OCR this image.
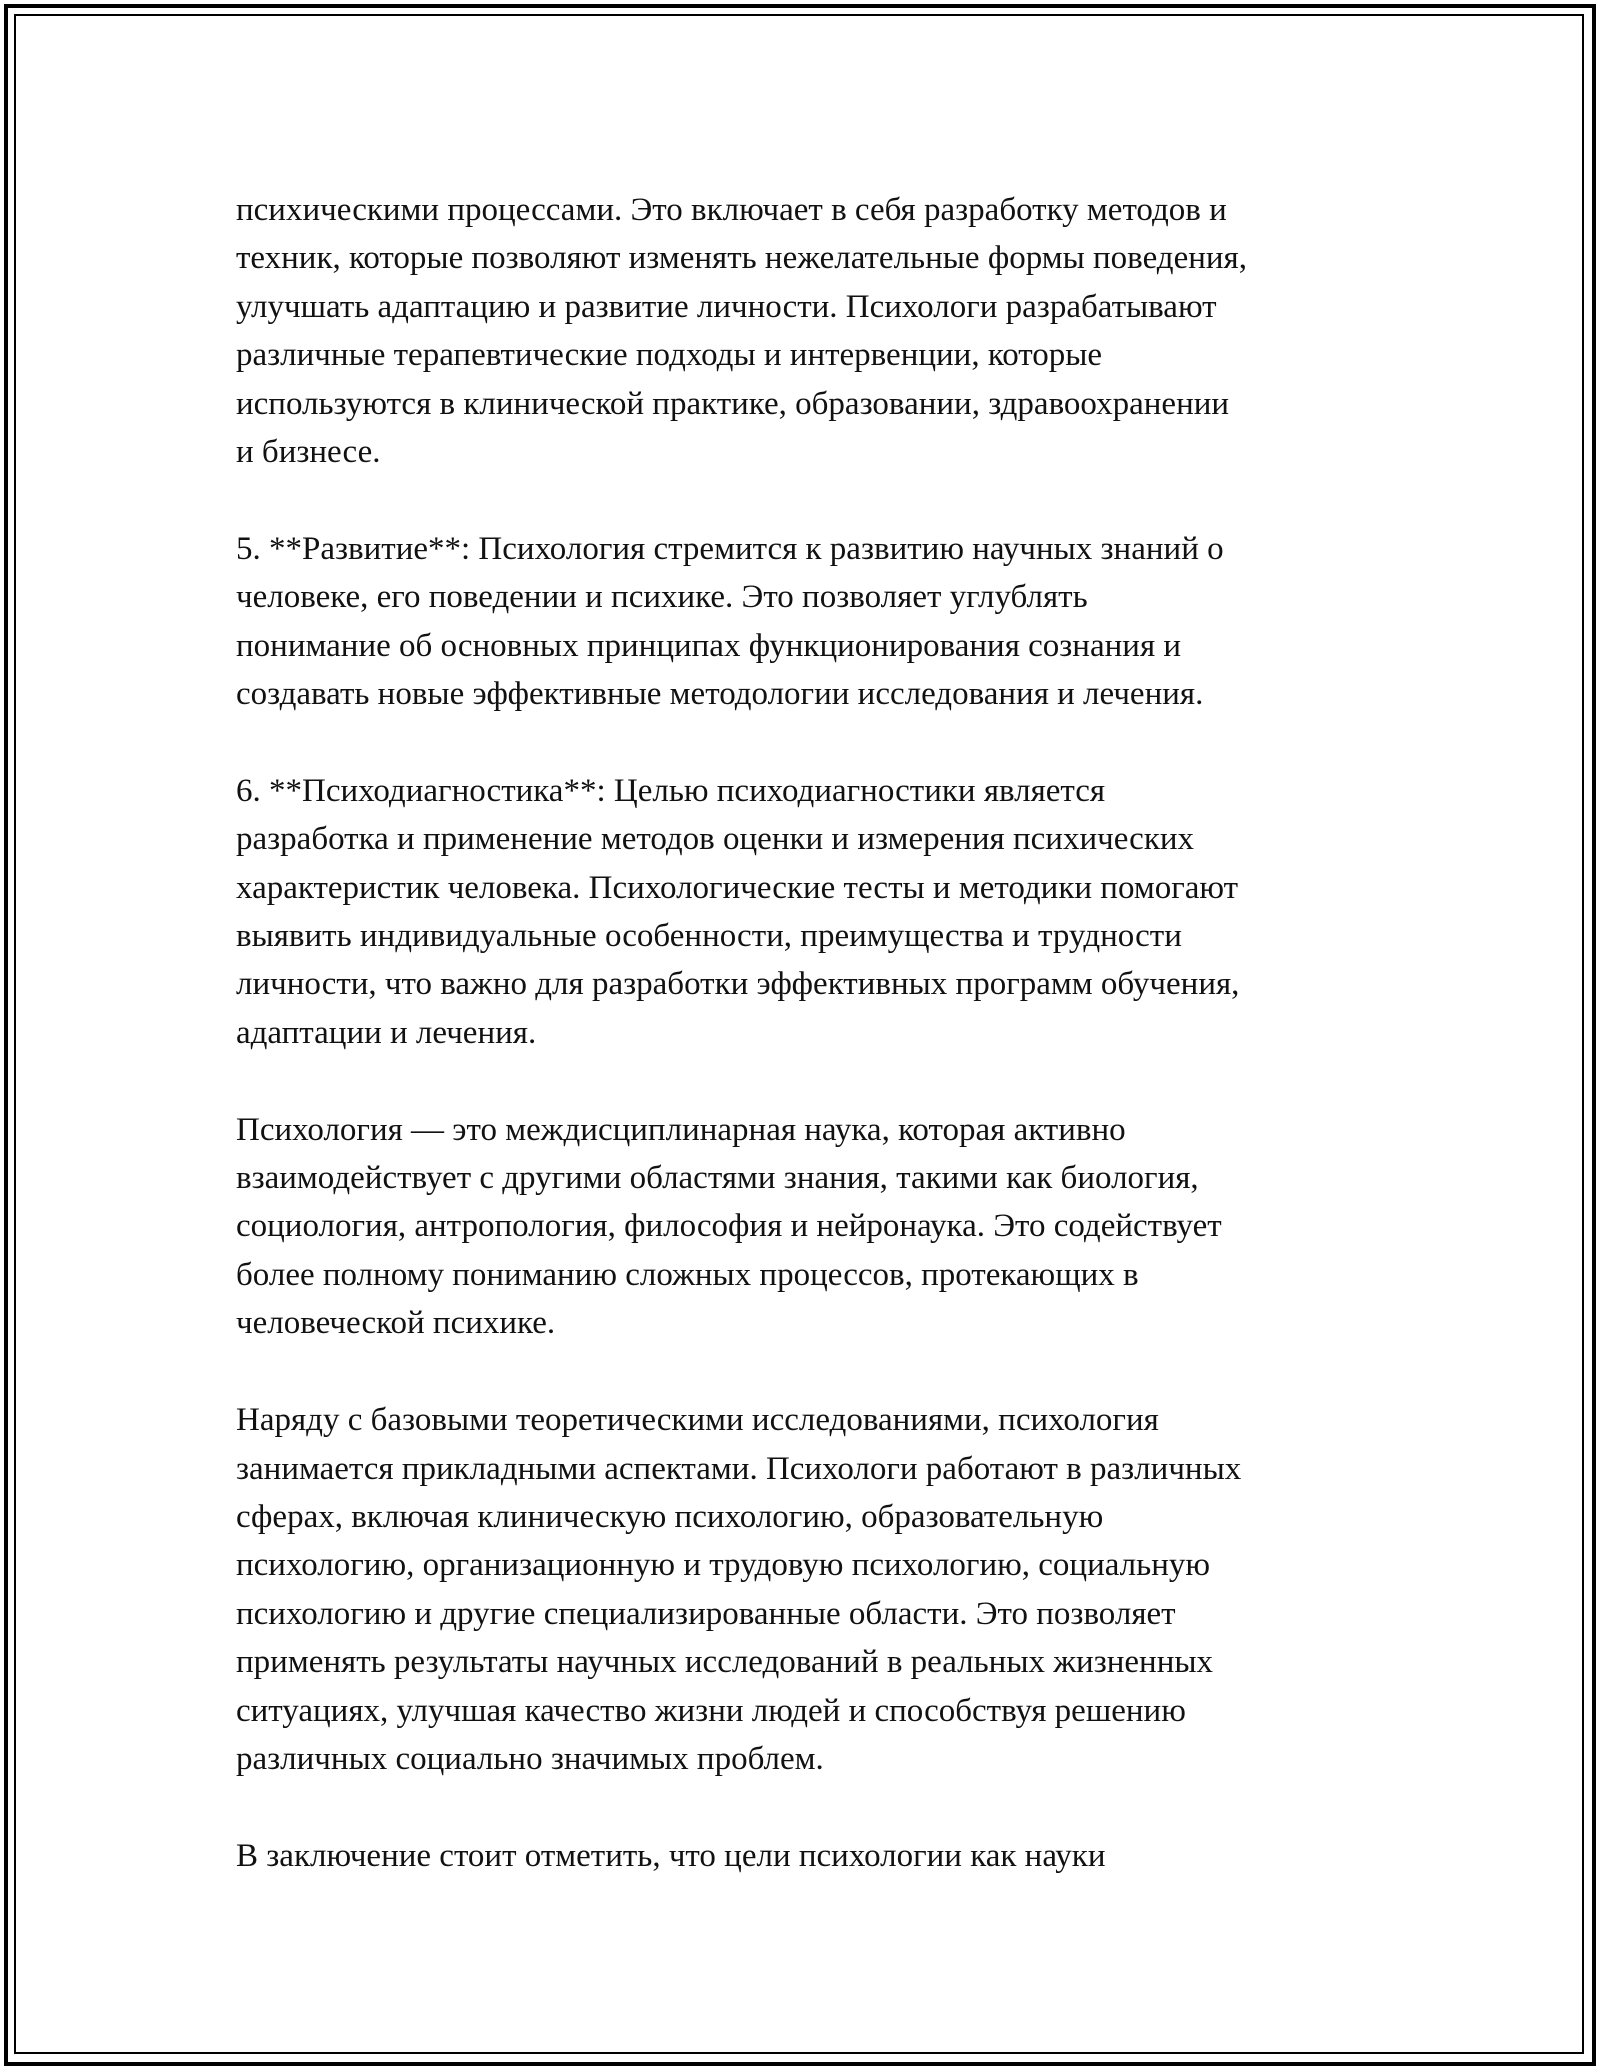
психическими процессами. Это включает в себя разработку методов и
техник, которые позволяют изменять нежелательные формы поведения,
улучшать адаптацию и развитие личности. Психологи разрабатывают
различные терапевтические подходы и интервенции, которые
используются в клинической практике, образовании, здравоохранении
и бизнесе.

5. **Развитие**: Психология стремится к развитию научных знаний о
человеке, его поведении и психике. Это позволяет углублять
понимание об основных принципах функционирования сознания и
создавать новые эффективные методологии исследования и лечения.

6. **Психодиагностика**: Целью психодиагностики является
разработка и применение методов оценки и измерения психических
характеристик человека. Психологические тесты и методики помогают
выявить индивидуальные особенности, преимущества и трудности
личности, что важно для разработки эффективных программ обучения,
адаптации и лечения.

Психология — это междисциплинарная наука, которая активно
взаимодействует с другими областями знания, такими как биология,
социология, антропология, философия и нейронаука. Это содействует
более полному пониманию сложных процессов, протекающих в
человеческой психике.

Наряду с базовыми теоретическими исследованиями, психология
занимается прикладными аспектами. Психологи работают в различных
сферах, включая клиническую психологию, образовательную
психологию, организационную и трудовую психологию, социальную
психологию и другие специализированные области. Это позволяет
применять результаты научных исследований в реальных жизненных
ситуациях, улучшая качество жизни людей и способствуя решению
различных социально значимых проблем.

В заключение стоит отметить, что цели психологии как науки
